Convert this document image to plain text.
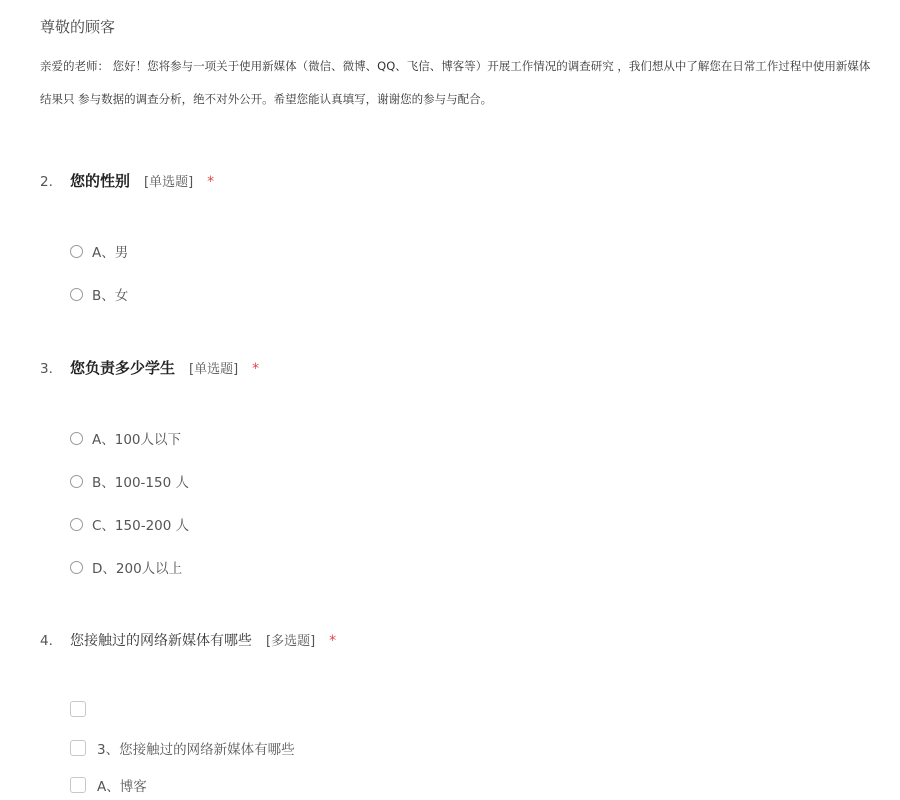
尊敬的顾客
亲爱的老师： 您好！您将参与一项关于使用新媒体（微信、微博、QQ、飞信、博客等）开展工作情况的调查研究 ，我们想从中了解您在日常工作过程中使用新媒体
结果只 参与数据的调查分析，绝不对外公开。希望您能认真填写，谢谢您的参与与配合。
2.	您的性别 [单选题] *
A、男
B、女
3.	您负责多少学生 [单选题] *
A、100人以下
B、100-150 人
C、150-200 人
D、200人以上
4.	您接触过的网络新媒体有哪些 [多选题] *
3、您接触过的网络新媒体有哪些
A、博客
